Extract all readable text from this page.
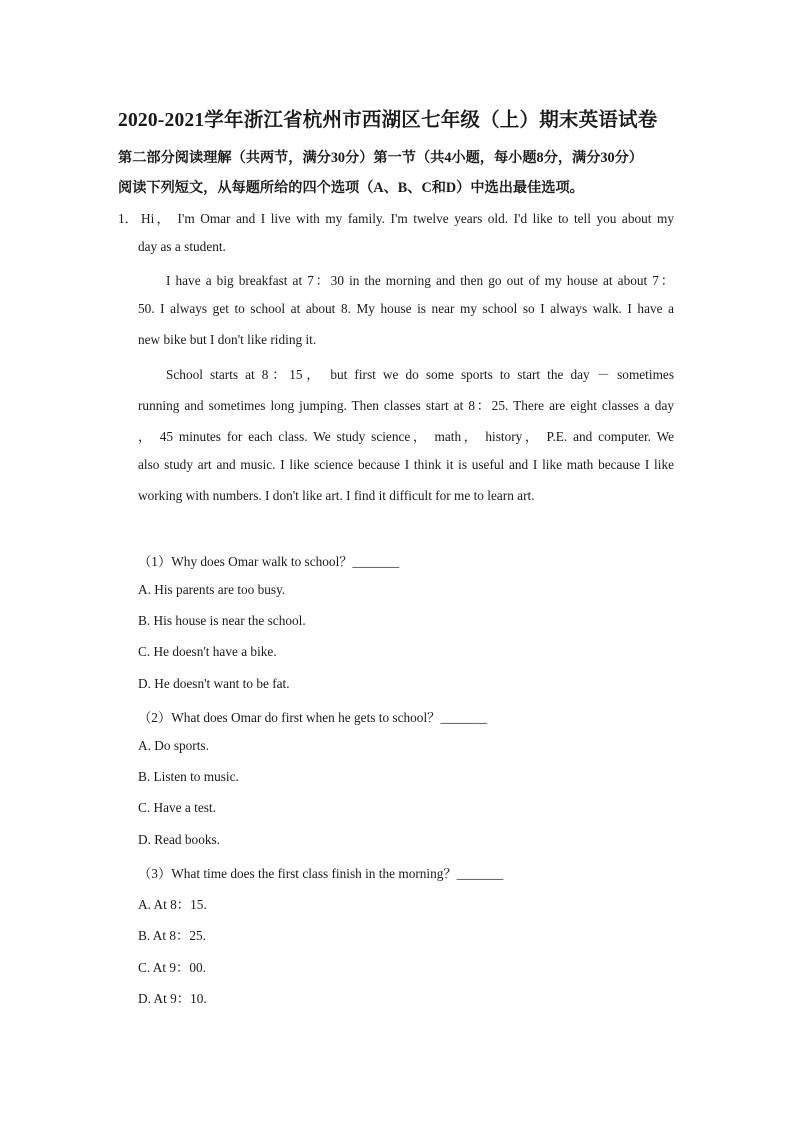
2020-2021学年浙江省杭州市西湖区七年级（上）期末英语试卷
第二部分阅读理解（共两节，满分30分）第一节（共4小题，每小题8分，满分30分）
阅读下列短文，从每题所给的四个选项（A、B、C和D）中选出最佳选项。
1． Hi， I'm Omar and I live with my family. I'm twelve years old. I'd like to tell you about my
day as a student.
I have a big breakfast at 7：30 in the morning and then go out of my house at about 7：
50. I always get to school at about 8. My house is near my school so I always walk. I have a
new bike but I don't like riding it.
School starts at 8：15， but first we do some sports to start the day － sometimes
running and sometimes long jumping. Then classes start at 8：25. There are eight classes a day
， 45 minutes for each class. We study science， math， history， P.E. and computer. We
also study art and music. I like science because I think it is useful and I like math because I like
working with numbers. I don't like art. I find it difficult for me to learn art.
（1）Why does Omar walk to school？_______
A. His parents are too busy.
B. His house is near the school.
C. He doesn't have a bike.
D. He doesn't want to be fat.
（2）What does Omar do first when he gets to school？_______
A. Do sports.
B. Listen to music.
C. Have a test.
D. Read books.
（3）What time does the first class finish in the morning？_______
A. At 8：15.
B. At 8：25.
C. At 9：00.
D. At 9：10.
